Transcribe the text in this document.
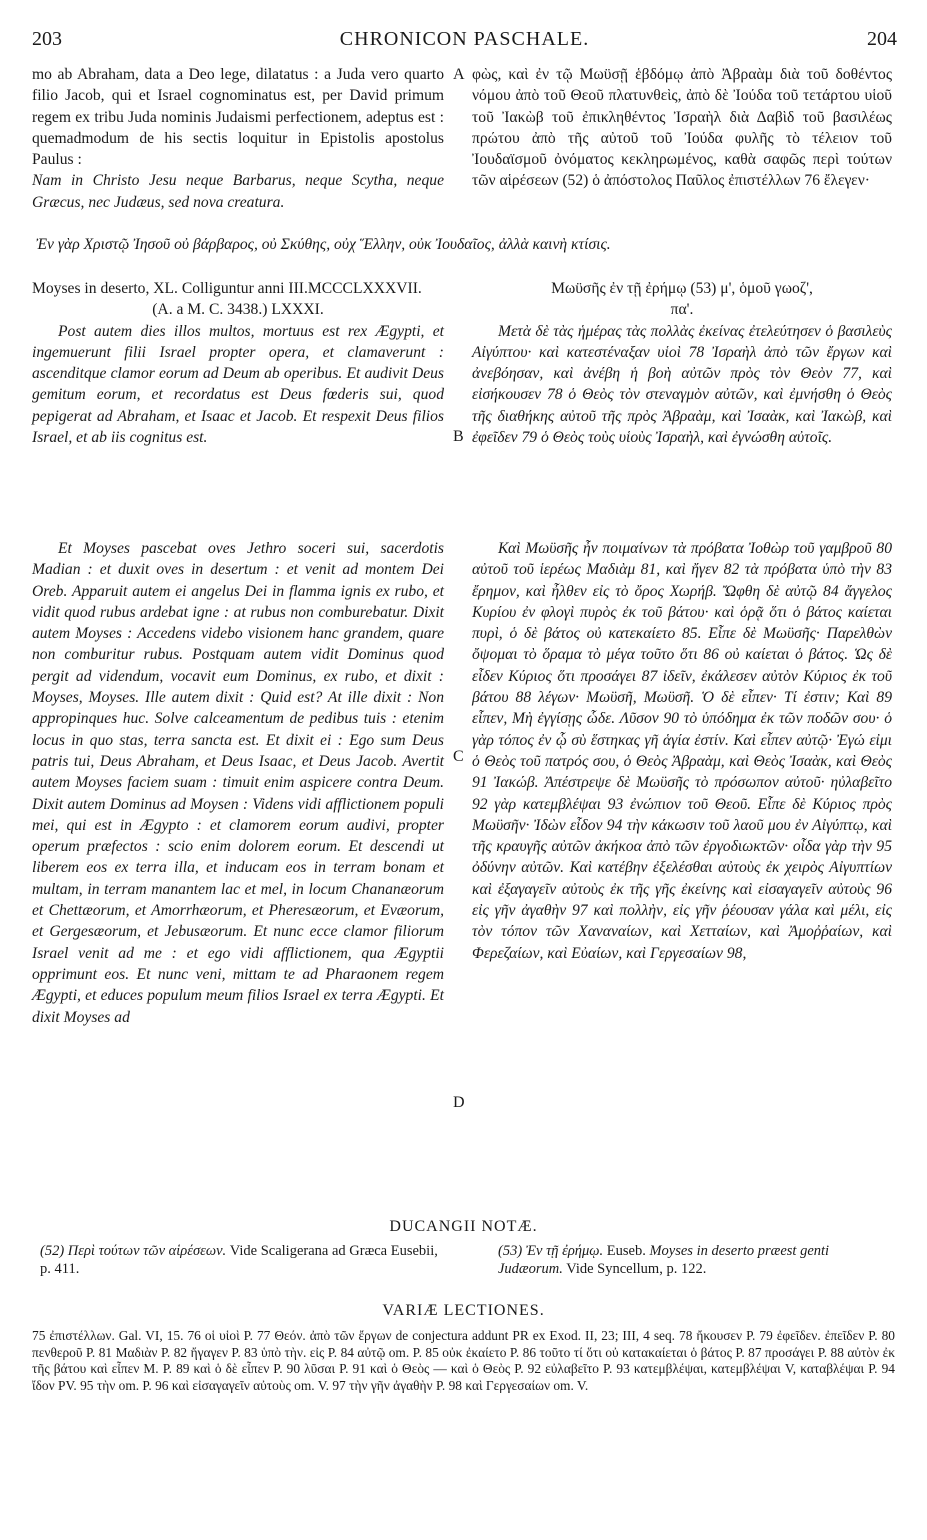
203	CHRONICON PASCHALE.	204

mo ab Abraham, data a Deo lege, dilatatus : a Juda vero quarto filio Jacob, qui et Israel cognominatus est, per David primum regem ex tribu Juda nominis Judaismi perfectionem, adeptus est : quemadmodum de his sectis loquitur in Epistolis apostolus Paulus :

Nam in Christo Jesu neque Barbarus, neque Scytha, neque Græcus, nec Judæus, sed nova creatura.

A φὼς, καὶ ἐν τῷ Μωϋσῇ ἑβδόμῳ ἀπὸ Ἀβραὰμ διὰ τοῦ δοθέντος νόμου ἀπὸ τοῦ Θεοῦ πλατυνθεὶς, ἀπὸ δὲ Ἰούδα τοῦ τετάρτου υἱοῦ τοῦ Ἰακὼβ τοῦ ἐπικληθέντος Ἰσραὴλ διὰ Δαβὶδ τοῦ βασιλέως πρώτου ἀπὸ τῆς αὐτοῦ τοῦ Ἰούδα φυλῆς τὸ τέλειον τοῦ Ἰουδαϊσμοῦ ὀνόματος κεκληρωμένος, καθὰ σαφῶς περὶ τούτων τῶν αἱρέσεων (52) ὁ ἀπόστολος Παῦλος ἐπιστέλλων 76 ἔλεγεν·

Ἐν γὰρ Χριστῷ Ἰησοῦ οὐ βάρβαρος, οὐ Σκύθης, οὐχ Ἕλλην, οὐκ Ἰουδαῖος, ἀλλὰ καινὴ κτίσις.

Moyses in deserto, XL. Colliguntur anni III.MCCCLXXXVII.

(A. a M. C. 3438.) LXXXI.

Post autem dies illos multos, mortuus est rex Ægypti, et ingemuerunt filii Israel propter opera, et clamaverunt : ascenditque clamor eorum ad Deum ab operibus. Et audivit Deus gemitum eorum, et recordatus est Deus fœderis sui, quod pepigerat ad Abraham, et Isaac et Jacob. Et respexit Deus filios Israel, et ab iis cognitus est.

Μωϋσῆς ἐν τῇ ἐρήμῳ (53) μ', ὁμοῦ γωοζ',

πα'.

Μετὰ δὲ τὰς ἡμέρας τὰς πολλὰς ἐκείνας ἐτελεύτησεν ὁ βασιλεὺς Αἰγύπτου· καὶ κατεστέναξαν υἱοὶ 78 Ἰσραὴλ ἀπὸ τῶν ἔργων καὶ ἀνεβόησαν, καὶ ἀνέβη ἡ βοὴ αὐτῶν πρὸς τὸν Θεὸν 77, καὶ εἰσήκουσεν 78 ὁ Θεὸς τὸν στεναγμὸν αὐτῶν, καὶ ἐμνήσθη ὁ Θεὸς τῆς διαθήκης αὐτοῦ τῆς πρὸς Ἀβραὰμ, καὶ Ἰσαὰκ, καὶ Ἰακὼβ, καὶ ἐφεῖδεν 79 ὁ Θεὸς τοὺς υἱοὺς Ἰσραὴλ, καὶ ἐγνώσθη αὐτοῖς.

B

Et Moyses pascebat oves Jethro soceri sui, sacerdotis Madian : et duxit oves in desertum : et venit ad montem Dei Oreb. Apparuit autem ei angelus Dei in flamma ignis ex rubo, et vidit quod rubus ardebat igne : at rubus non comburebatur. Dixit autem Moyses : Accedens videbo visionem hanc grandem, quare non comburitur rubus. Postquam autem vidit Dominus quod pergit ad videndum, vocavit eum Dominus, ex rubo, et dixit : Moyses, Moyses. Ille autem dixit : Quid est? At ille dixit : Non appropinques huc. Solve calceamentum de pedibus tuis : etenim locus in quo stas, terra sancta est. Et dixit ei : Ego sum Deus patris tui, Deus Abraham, et Deus Isaac, et Deus Jacob. Avertit autem Moyses faciem suam : timuit enim aspicere contra Deum. Dixit autem Dominus ad Moysen : Videns vidi afflictionem populi mei, qui est in Ægypto : et clamorem eorum audivi, propter operum præfectos : scio enim dolorem eorum. Et descendi ut liberem eos ex terra illa, et inducam eos in terram bonam et multam, in terram manantem lac et mel, in locum Chananæorum et Chettæorum, et Amorrhæorum, et Pheresæorum, et Evæorum, et Gergesæorum, et Jebusæorum. Et nunc ecce clamor filiorum Israel venit ad me : et ego vidi afflictionem, qua Ægyptii opprimunt eos. Et nunc veni, mittam te ad Pharaonem regem Ægypti, et educes populum meum filios Israel ex terra Ægypti. Et dixit Moyses ad

Καὶ Μωϋσῆς ἦν ποιμαίνων τὰ πρόβατα Ἰοθὼρ τοῦ γαμβροῦ 80 αὐτοῦ τοῦ ἱερέως Μαδιὰμ 81, καὶ ἤγεν 82 τὰ πρόβατα ὑπὸ τὴν 83 ἔρημον, καὶ ἦλθεν εἰς τὸ ὄρος Χωρήβ. Ὤφθη δὲ αὐτῷ 84 ἄγγελος Κυρίου ἐν φλογὶ πυρὸς ἐκ τοῦ βάτου· καὶ ὁρᾷ ὅτι ὁ βάτος καίεται πυρὶ, ὁ δὲ βάτος οὐ κατεκαίετο 85. Εἶπε δὲ Μωϋσῆς· Παρελθὼν ὄψομαι τὸ ὅραμα τὸ μέγα τοῦτο ὅτι 86 οὐ καίεται ὁ βάτος. Ὡς δὲ εἶδεν Κύριος ὅτι προσάγει 87 ἰδεῖν, ἐκάλεσεν αὐτὸν Κύριος ἐκ τοῦ βάτου 88 λέγων· Μωϋσῆ, Μωϋσῆ. Ὁ δὲ εἶπεν· Τί ἐστιν; Καὶ 89 εἶπεν, Μὴ ἐγγίσῃς ὧδε. Λῦσον 90 τὸ ὑπόδημα ἐκ τῶν ποδῶν σου· ὁ γὰρ τόπος ἐν ᾧ σὺ ἕστηκας γῆ ἁγία ἐστίν. Καὶ εἶπεν αὐτῷ· Ἐγώ εἰμι ὁ Θεὸς τοῦ πατρός σου, ὁ Θεὸς Ἀβραὰμ, καὶ Θεὸς Ἰσαὰκ, καὶ Θεὸς 91 Ἰακώβ. Ἀπέστρεψε δὲ Μωϋσῆς τὸ πρόσωπον αὐτοῦ· ηὐλαβεῖτο 92 γὰρ κατεμβλέψαι 93 ἐνώπιον τοῦ Θεοῦ. Εἶπε δὲ Κύριος πρὸς Μωϋσῆν· Ἰδὼν εἶδον 94 τὴν κάκωσιν τοῦ λαοῦ μου ἐν Αἰγύπτῳ, καὶ τῆς κραυγῆς αὐτῶν ἀκήκοα ἀπὸ τῶν ἐργοδιωκτῶν· οἶδα γὰρ τὴν 95 ὀδύνην αὐτῶν. Καὶ κατέβην ἐξελέσθαι αὐτοὺς ἐκ χειρὸς Αἰγυπτίων καὶ ἐξαγαγεῖν αὐτοὺς ἐκ τῆς γῆς ἐκείνης καὶ εἰσαγαγεῖν αὐτοὺς 96 εἰς γῆν ἀγαθὴν 97 καὶ πολλὴν, εἰς γῆν ῥέουσαν γάλα καὶ μέλι, εἰς τὸν τόπον τῶν Χαναναίων, καὶ Χετταίων, καὶ Ἀμοῤῥαίων, καὶ Φερεζαίων, καὶ Εὐαίων, καὶ Γεργεσαίων 98,

C
D
DUCANGII NOTÆ.
(52) Περὶ τούτων τῶν αἱρέσεων. Vide Scaligerana ad Græca Eusebii, p. 411.
(53) Ἐν τῇ ἐρήμῳ. Euseb. Moyses in deserto præest genti Judæorum. Vide Syncellum, p. 122.
VARIÆ LECTIONES.
75 ἐπιστέλλων. Gal. VI, 15. 76 οἱ υἱοὶ P. 77 Θεόν. ἀπὸ τῶν ἔργων de conjectura addunt PR ex Exod. II, 23; III, 4 seq. 78 ἤκουσεν P. 79 ἐφεῖδεν. ἐπεῖδεν P. 80 πενθεροῦ P. 81 Μαδιὰν P. 82 ἤγαγεν P. 83 ὑπὸ τὴν. εἰς P. 84 αὐτῷ om. P. 85 οὐκ ἐκαίετο P. 86 τοῦτο τί ὅτι οὐ κατακαίεται ὁ βάτος P. 87 προσάγει P. 88 αὐτὸν ἐκ τῆς βάτου καὶ εἶπεν M. P. 89 καὶ ὁ δὲ εἶπεν P. 90 λῦσαι P. 91 καὶ ὁ Θεὸς — καὶ ὁ Θεὸς P. 92 εὐλαβεῖτο P. 93 κατεμβλέψαι, κατεμβλέψαι V, καταβλέψαι P. 94 ἴδον PV. 95 τὴν om. P. 96 καὶ εἰσαγαγεῖν αὐτοὺς om. V. 97 τὴν γῆν ἀγαθὴν P. 98 καὶ Γεργεσαίων om. V.
